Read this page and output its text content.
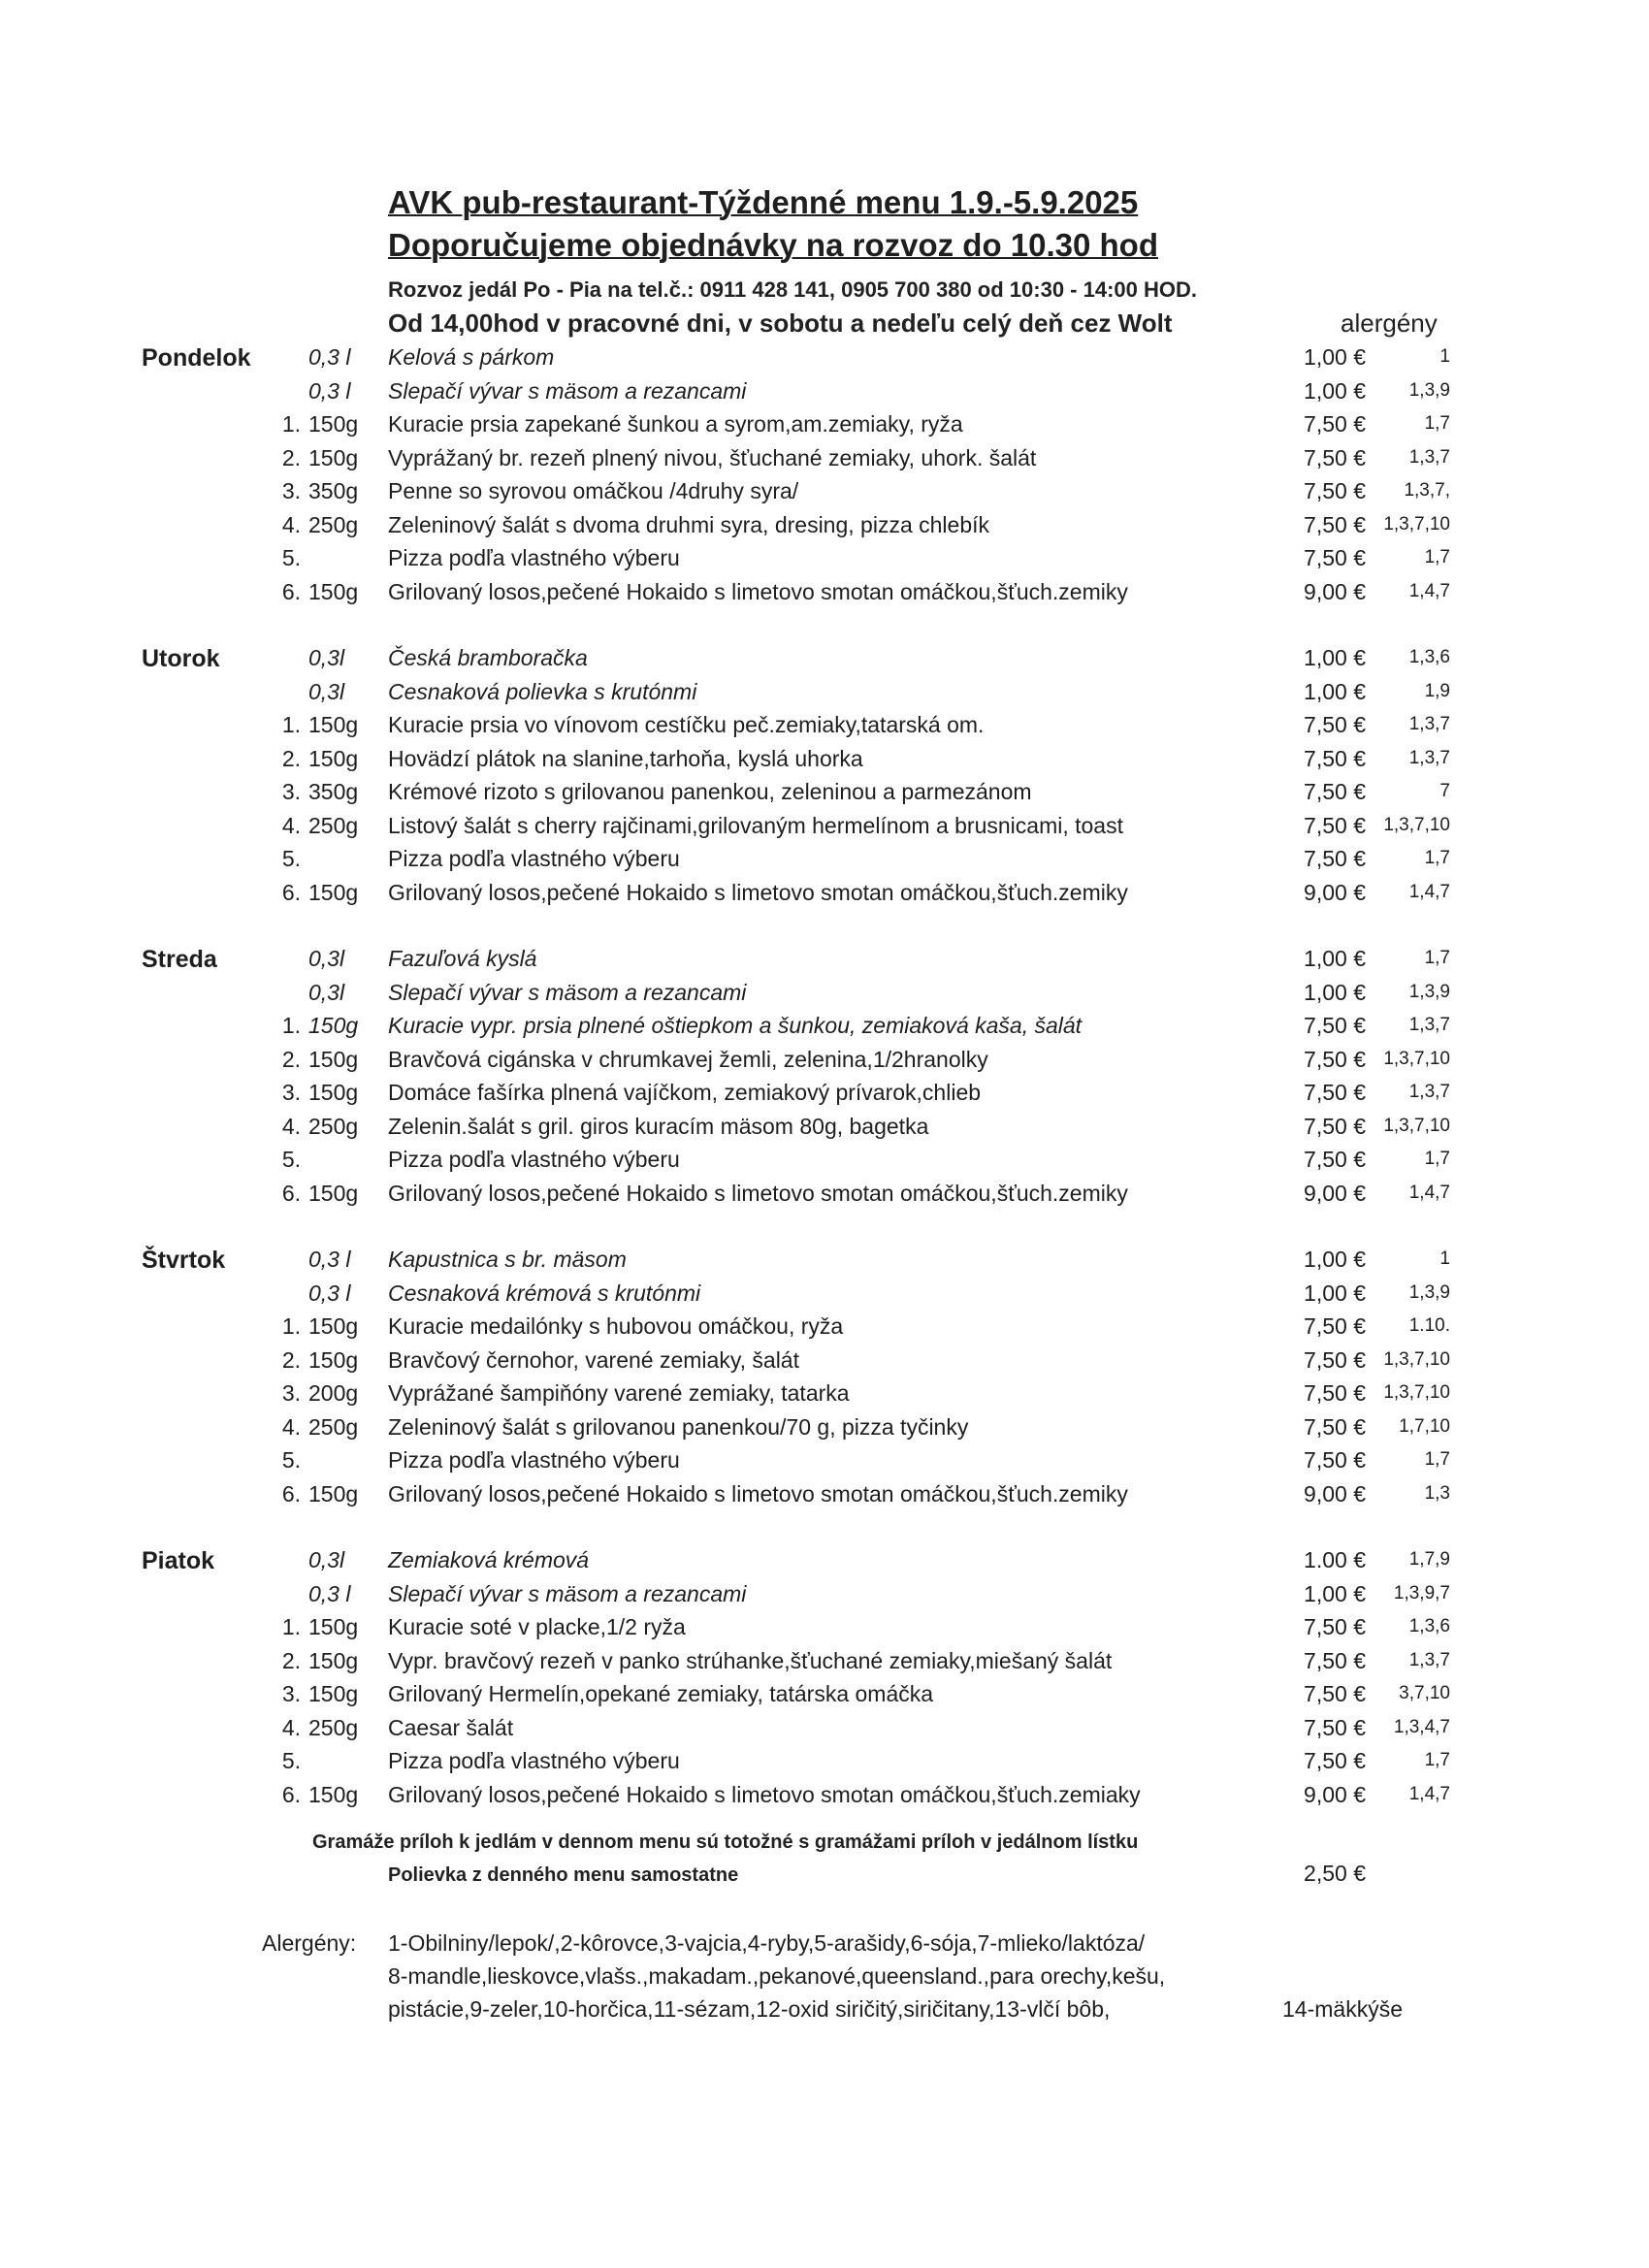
AVK pub-restaurant-Týždenné menu 1.9.-5.9.2025
Doporučujeme objednávky na rozvoz do 10.30 hod
Rozvoz jedál Po - Pia na tel.č.: 0911 428 141, 0905 700 380 od 10:30 - 14:00 HOD.
Od 14,00hod v pracovné dni, v sobotu a nedeľu celý deň cez Wolt	alergény
Pondelok	0,3 l Kelová s párkom	1,00 €	1
0,3 l Slepačí vývar s mäsom a rezancami	1,00 €	1,3,9
1. 150g Kuracie prsia zapekané šunkou a syrom,am.zemiaky, ryža	7,50 €	1,7
2. 150g Vyprážaný br. rezeň plnený nivou, šťuchané zemiaky, uhork. šalát	7,50 €	1,3,7
3. 350g Penne so syrovou omáčkou /4druhy syra/	7,50 €	1,3,7,
4. 250g Zeleninový šalát s dvoma druhmi syra, dresing, pizza chlebík	7,50 € 1,3,7,10
5.	Pizza podľa vlastného výberu	7,50 €	1,7
6. 150g Grilovaný losos,pečené Hokaido s limetovo smotan omáčkou,šťuch.zemiky	9,00 €	1,4,7
Utorok	0,3l Česká bramboračka	1,00 €	1,3,6
0,3l Cesnaková polievka s krutónmi	1,00 €	1,9
1. 150g Kuracie prsia vo vínovom cestíčku peč.zemiaky,tatarská om.	7,50 €	1,3,7
2. 150g Hovädzí plátok na slanine,tarhoňa, kyslá uhorka	7,50 €	1,3,7
3. 350g Krémové rizoto s grilovanou panenkou, zeleninou a parmezánom	7,50 €	7
4. 250g Listový šalát s cherry rajčinami,grilovaným hermelínom a brusnicami, toast	7,50 € 1,3,7,10
5.	Pizza podľa vlastného výberu	7,50 €	1,7
6. 150g Grilovaný losos,pečené Hokaido s limetovo smotan omáčkou,šťuch.zemiky	9,00 €	1,4,7
Streda	0,3l Fazuľová kyslá	1,00 €	1,7
0,3l Slepačí vývar s mäsom a rezancami	1,00 €	1,3,9
1. 150g Kuracie vypr. prsia plnené oštiepkom a šunkou, zemiaková kaša, šalát	7,50 €	1,3,7
2. 150g Bravčová cigánska v chrumkavej žemli, zelenina,1/2hranolky	7,50 € 1,3,7,10
3. 150g Domáce fašírka plnená vajíčkom, zemiakový prívarok,chlieb	7,50 €	1,3,7
4. 250g Zelenin.šalát s gril. giros kuracím mäsom 80g, bagetka	7,50 € 1,3,7,10
5.	Pizza podľa vlastného výberu	7,50 €	1,7
6. 150g Grilovaný losos,pečené Hokaido s limetovo smotan omáčkou,šťuch.zemiky	9,00 €	1,4,7
Štvrtok	0,3 l Kapustnica s br. mäsom	1,00 €	1
0,3 l Cesnaková krémová s krutónmi	1,00 €	1,3,9
1. 150g Kuracie medailónky s hubovou omáčkou, ryža	7,50 €	1.10.
2. 150g Bravčový černohor, varené zemiaky, šalát	7,50 € 1,3,7,10
3. 200g Vyprážané šampiňóny varené zemiaky, tatarka	7,50 € 1,3,7,10
4. 250g Zeleninový šalát s grilovanou panenkou/70 g, pizza tyčinky	7,50 €	1,7,10
5.	Pizza podľa vlastného výberu	7,50 €	1,7
6. 150g Grilovaný losos,pečené Hokaido s limetovo smotan omáčkou,šťuch.zemiky	9,00 €	1,3
Piatok	0,3l Zemiaková krémová	1.00 €	1,7,9
0,3 l Slepačí vývar s mäsom a rezancami	1,00 €	1,3,9,7
1. 150g Kuracie soté v placke,1/2 ryža	7,50 €	1,3,6
2. 150g Vypr. bravčový rezeň v panko strúhanke,šťuchané zemiaky,miešaný šalát	7,50 €	1,3,7
3. 150g Grilovaný Hermelín,opekané zemiaky, tatárska omáčka	7,50 €	3,7,10
4. 250g Caesar šalát	7,50 €	1,3,4,7
5.	Pizza podľa vlastného výberu	7,50 €	1,7
6. 150g Grilovaný losos,pečené Hokaido s limetovo smotan omáčkou,šťuch.zemiaky	9,00 €	1,4,7
Gramáže príloh k jedlám v dennom menu sú totožné s gramážami príloh v jedálnom lístku
Polievka z denného menu samostatne	2,50 €
Alergény: 1-Obilniny/lepok/,2-kôrovce,3-vajcia,4-ryby,5-arašidy,6-sója,7-mlieko/laktóza/
8-mandle,lieskovce,vlašs.,makadam.,pekanové,queensland.,para orechy,kešu,
pistácie,9-zeler,10-horčica,11-sézam,12-oxid siričitý,siričitany,13-vlčí bôb,	14-mäkkýše
